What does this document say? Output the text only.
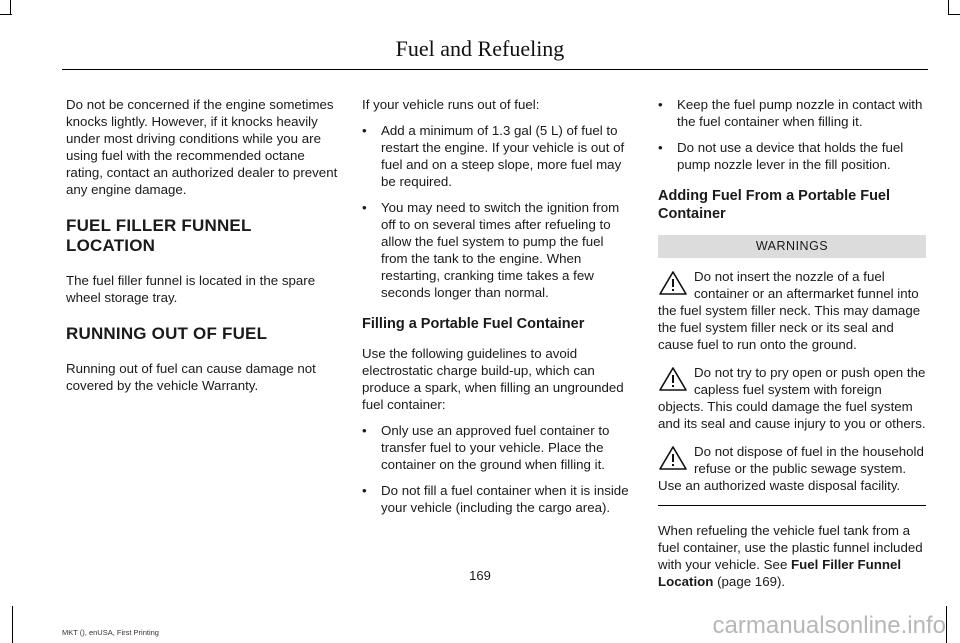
Fuel and Refueling

Do not be concerned if the engine sometimes knocks lightly. However, if it knocks heavily under most driving conditions while you are using fuel with the recommended octane rating, contact an authorized dealer to prevent any engine damage.

FUEL FILLER FUNNEL LOCATION

The fuel filler funnel is located in the spare wheel storage tray.

RUNNING OUT OF FUEL

Running out of fuel can cause damage not covered by the vehicle Warranty.

If your vehicle runs out of fuel:

• Add a minimum of 1.3 gal (5 L) of fuel to restart the engine. If your vehicle is out of fuel and on a steep slope, more fuel may be required.
• You may need to switch the ignition from off to on several times after refueling to allow the fuel system to pump the fuel from the tank to the engine. When restarting, cranking time takes a few seconds longer than normal.
Filling a Portable Fuel Container

Use the following guidelines to avoid electrostatic charge build-up, which can produce a spark, when filling an ungrounded fuel container:

• Only use an approved fuel container to transfer fuel to your vehicle. Place the container on the ground when filling it.
• Do not fill a fuel container when it is inside your vehicle (including the cargo area).
• Keep the fuel pump nozzle in contact with the fuel container when filling it.
• Do not use a device that holds the fuel pump nozzle lever in the fill position.
Adding Fuel From a Portable Fuel Container
WARNINGS
Do not insert the nozzle of a fuel container or an aftermarket funnel into the fuel system filler neck. This may damage the fuel system filler neck or its seal and cause fuel to run onto the ground.
Do not try to pry open or push open the capless fuel system with foreign objects. This could damage the fuel system and its seal and cause injury to you or others.
Do not dispose of fuel in the household refuse or the public sewage system. Use an authorized waste disposal facility.

When refueling the vehicle fuel tank from a fuel container, use the plastic funnel included with your vehicle. See Fuel Filler Funnel Location (page 169).

169
MKT (), enUSA, First Printing	carmanualsonline.info
